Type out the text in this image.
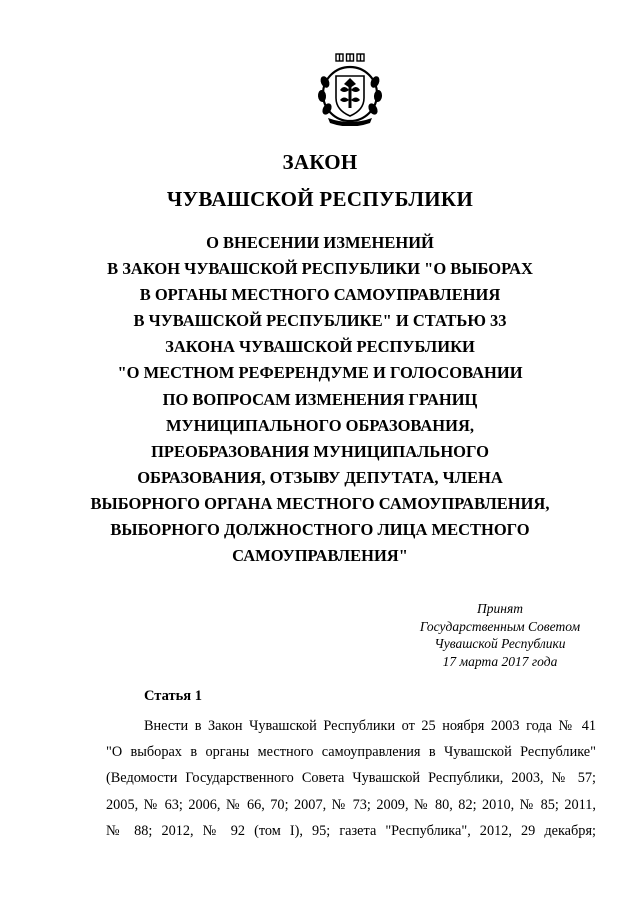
ЗАКОН
ЧУВАШСКОЙ РЕСПУБЛИКИ
О ВНЕСЕНИИ ИЗМЕНЕНИЙ
В ЗАКОН ЧУВАШСКОЙ РЕСПУБЛИКИ "О ВЫБОРАХ
В ОРГАНЫ МЕСТНОГО САМОУПРАВЛЕНИЯ
В ЧУВАШСКОЙ РЕСПУБЛИКЕ" И СТАТЬЮ 33
ЗАКОНА ЧУВАШСКОЙ РЕСПУБЛИКИ
"О МЕСТНОМ РЕФЕРЕНДУМЕ И ГОЛОСОВАНИИ
ПО ВОПРОСАМ ИЗМЕНЕНИЯ ГРАНИЦ
МУНИЦИПАЛЬНОГО ОБРАЗОВАНИЯ,
ПРЕОБРАЗОВАНИЯ МУНИЦИПАЛЬНОГО
ОБРАЗОВАНИЯ, ОТЗЫВУ ДЕПУТАТА, ЧЛЕНА
ВЫБОРНОГО ОРГАНА МЕСТНОГО САМОУПРАВЛЕНИЯ,
ВЫБОРНОГО ДОЛЖНОСТНОГО ЛИЦА МЕСТНОГО
САМОУПРАВЛЕНИЯ"
Принят
Государственным Советом
Чувашской Республики
17 марта 2017 года
Статья 1
Внести в Закон Чувашской Республики от 25 ноября 2003 года № 41
"О выборах в органы местного самоуправления в Чувашской Республике"
(Ведомости Государственного Совета Чувашской Республики, 2003, № 57;
2005, № 63; 2006, № 66, 70; 2007, № 73; 2009, № 80, 82; 2010, № 85; 2011,
№ 88; 2012, № 92 (том I), 95; газета "Республика", 2012, 29 декабря;
